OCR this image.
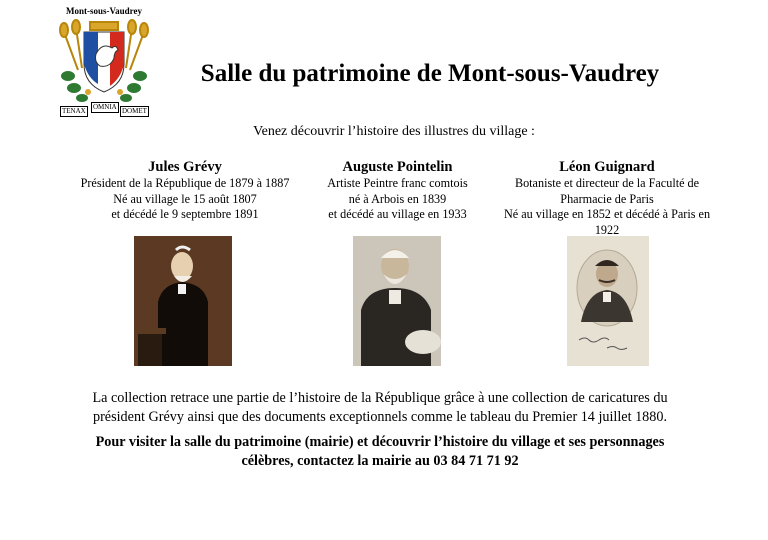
Mont-sous-Vaudrey
TENAX OMNIA DOMET
Salle du patrimoine de Mont-sous-Vaudrey
Venez découvrir l’histoire des illustres du village :
Jules Grévy
Président de la République de 1879 à 1887
Né au village le 15 août 1807
et décédé le 9 septembre 1891
Auguste Pointelin
Artiste Peintre franc comtois
né à Arbois en 1839
et décédé au village en 1933
Léon Guignard
Botaniste et directeur de la Faculté de
Pharmacie de Paris
Né au village en 1852 et décédé à Paris en
1922
La collection retrace une partie de l’histoire de la République grâce à une collection de caricatures du
président Grévy ainsi que des documents exceptionnels comme le tableau du Premier 14 juillet 1880.
Pour visiter la salle du patrimoine (mairie) et découvrir l’histoire du village et ses personnages
célèbres, contactez la mairie au 03 84 71 71 92
